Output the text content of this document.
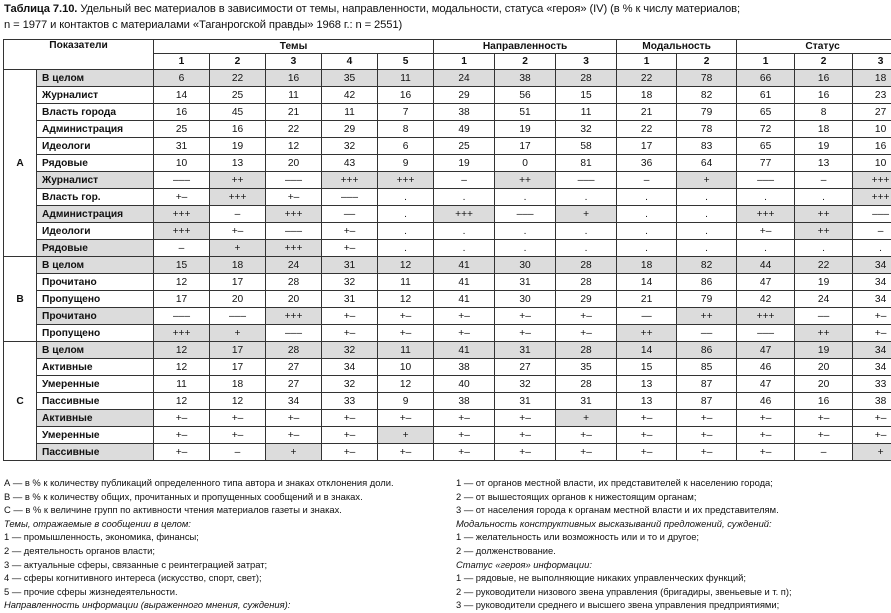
Таблица 7.10. Удельный вес материалов в зависимости от темы, направленности, модальности, статуса «героя» (IV) (в % к числу материалов;
n = 1977 и контактов с материалами «Таганрогской правды» 1968 г.: n = 2551)
Показатели		Темы					Направленность			Модальность		Статус		
		1	2	3	4	5	1	2	3	1	2	1	2	3
A	В целом	6	22	16	35	11	24	38	28	22	78	66	16	18
	Журналист	14	25	11	42	16	29	56	15	18	82	61	16	23
	Власть города	16	45	21	11	7	38	51	11	21	79	65	8	27
	Администрация	25	16	22	29	8	49	19	32	22	78	72	18	10
	Идеологи	31	19	12	32	6	25	17	58	17	83	65	19	16
	Рядовые	10	13	20	43	9	19	0	81	36	64	77	13	10
	Журналист	–––	++	–––	+++	+++	–	++	–––	–	+	–––	–	+++
	Власть гор.	+–	+++	+–	–––	.	.	.	.	.	.	.	.	+++
	Администрация	+++	–	+++	––	.	+++	–––	+	.	.	+++	++	–––
	Идеологи	+++	+–	–––	+–	.	.	.	.	.	.	+–	++	–
	Рядовые	–	+	+++	+–	.	.	.	.	.	.	.	.	.
B	В целом	15	18	24	31	12	41	30	28	18	82	44	22	34
	Прочитано	12	17	28	32	11	41	31	28	14	86	47	19	34
	Пропущено	17	20	20	31	12	41	30	29	21	79	42	24	34
	Прочитано	–––	–––	+++	+–	+–	+–	+–	+–	—	++	+++	––	+–
	Пропущено	+++	+	–––	+–	+–	+–	+–	+–	++	––	–––	++	+–
C	В целом	12	17	28	32	11	41	31	28	14	86	47	19	34
	Активные	12	17	27	34	10	38	27	35	15	85	46	20	34
	Умеренные	11	18	27	32	12	40	32	28	13	87	47	20	33
	Пассивные	12	12	34	33	9	38	31	31	13	87	46	16	38
	Активные	+–	+–	+–	+–	+–	+–	+–	+	+–	+–	+–	+–	+–
	Умеренные	+–	+–	+–	+–	+	+–	+–	+–	+–	+–	+–	+–	+–
	Пассивные	+–	–	+	+–	+–	+–	+–	+–	+–	+–	+–	–	+
А — в % к количеству публикаций определенного типа автора и знаках отклонения доли.
В — в % к количеству общих, прочитанных и пропущенных сообщений и в знаках.
С — в % к величине групп по активности чтения материалов газеты и знаках.
Темы, отражаемые в сообщении в целом:
1 — промышленность, экономика, финансы;
2 — деятельность органов власти;
3 — актуальные сферы, связанные с реинтеграцией затрат;
4 — сферы когнитивного интереса (искусство, спорт, свет);
5 — прочие сферы жизнедеятельности.
Направленность информации (выраженного мнения, суждения):
1 — от органов местной власти, их представителей к населению города;
2 — от вышестоящих органов к нижестоящим органам;
3 — от населения города к органам местной власти и их представителям.
Модальность конструктивных высказываний предложений, суждений:
1 — желательность или возможность или и то и другое;
2 — долженствование.
Статус «героя» информации:
1 — рядовые, не выполняющие никаких управленческих функций;
2 — руководители низового звена управления (бригадиры, звеньевые и т. п);
3 — руководители среднего и высшего звена управления предприятиями;
